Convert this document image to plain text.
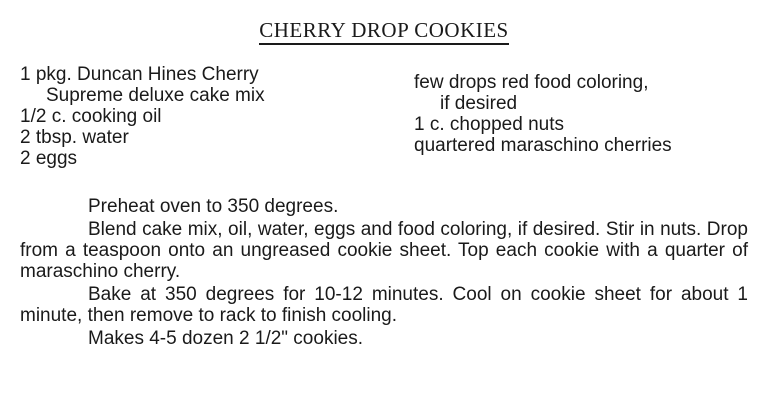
CHERRY DROP COOKIES
1 pkg. Duncan Hines Cherry
Supreme deluxe cake mix
1/2 c. cooking oil
2 tbsp. water
2 eggs
few drops red food coloring,
if desired
1 c. chopped nuts
quartered maraschino cherries

Preheat oven to 350 degrees.

Blend cake mix, oil, water, eggs and food coloring, if desired. Stir in nuts. Drop from a teaspoon onto an ungreased cookie sheet. Top each cookie with a quarter of maraschino cherry.

Bake at 350 degrees for 10-12 minutes. Cool on cookie sheet for about 1 minute, then remove to rack to finish cooling.

Makes 4-5 dozen 2 1/2" cookies.
